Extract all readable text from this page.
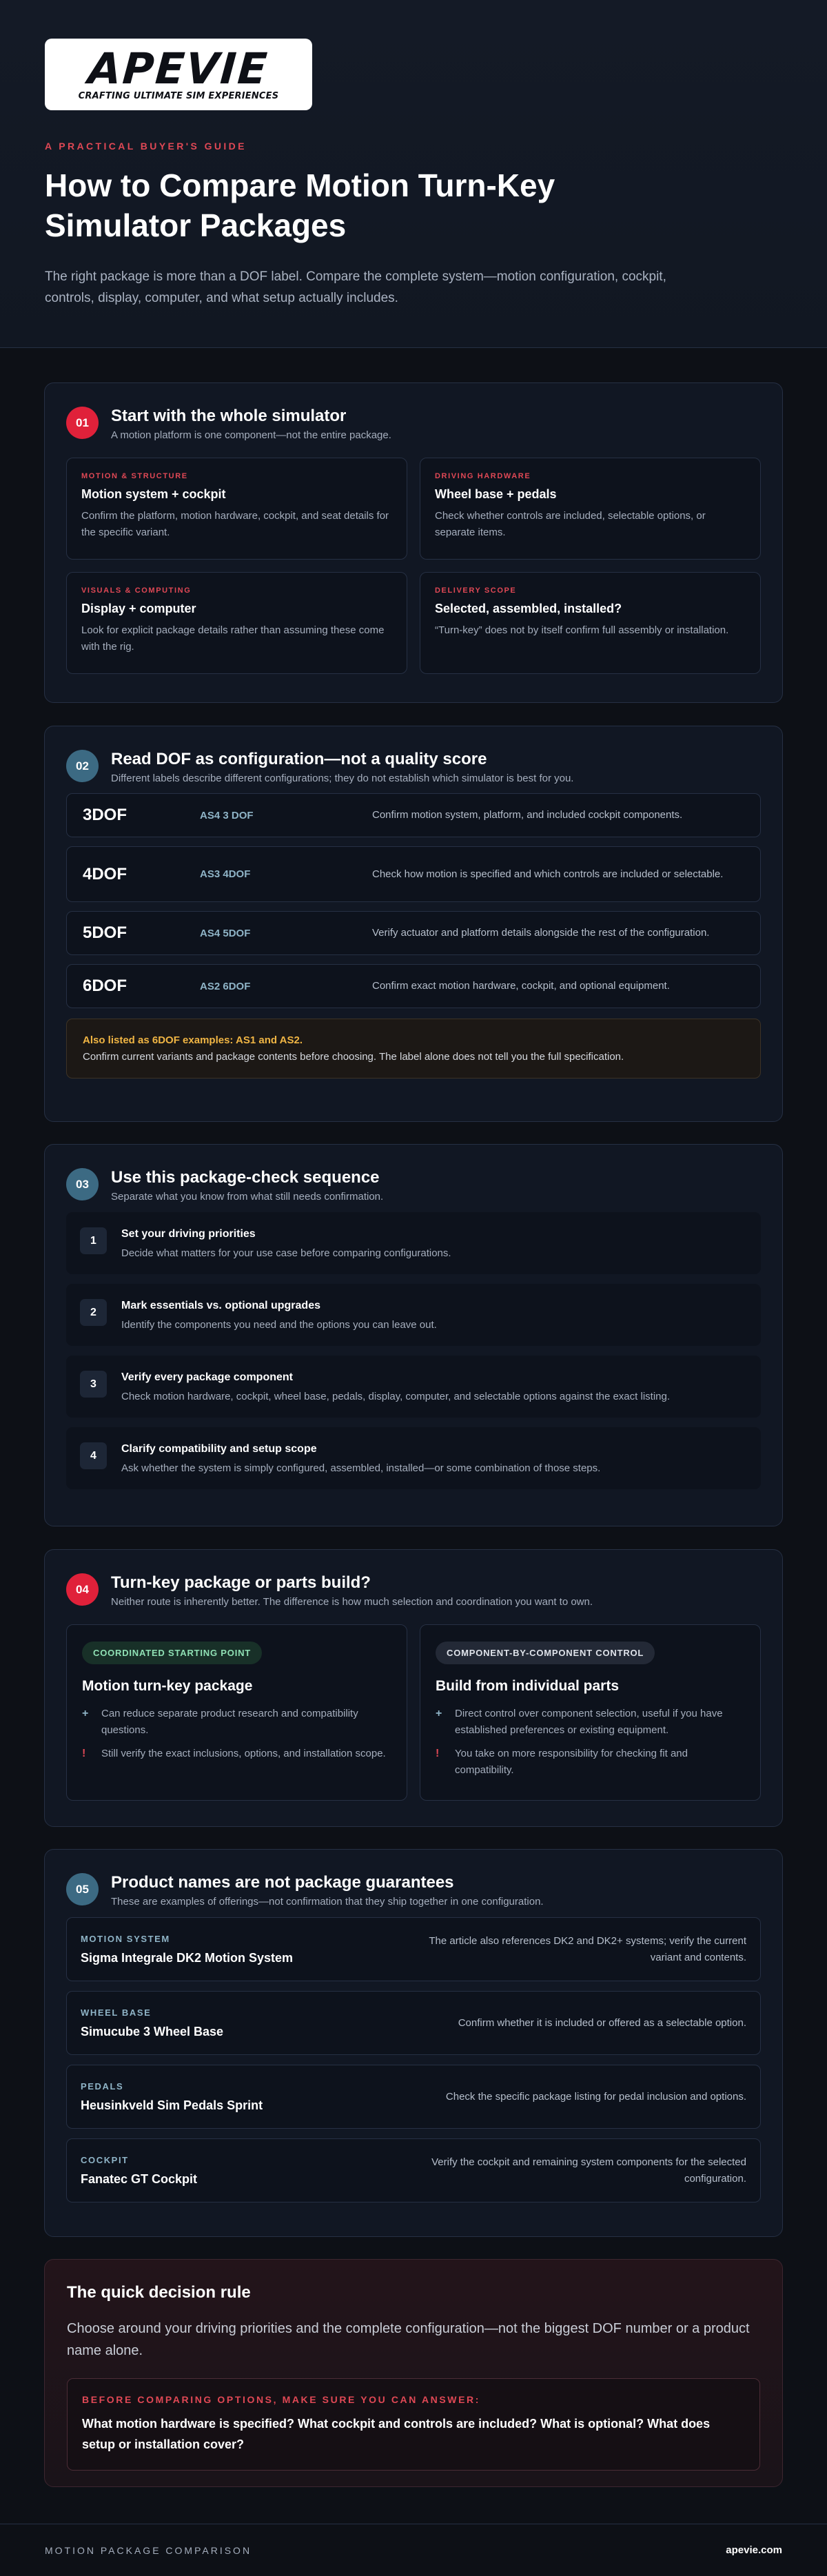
APEVIE
CRAFTING ULTIMATE SIM EXPERIENCES
A PRACTICAL BUYER'S GUIDE
How to Compare Motion Turn-Key Simulator Packages

The right package is more than a DOF label. Compare the complete system—motion configuration, cockpit, controls, display, computer, and what setup actually includes.

01	Start with the whole simulator
A motion platform is one component—not the entire package.
MOTION & STRUCTURE
Motion system + cockpit
Confirm the platform, motion hardware, cockpit, and seat details for the specific variant.
DRIVING HARDWARE
Wheel base + pedals
Check whether controls are included, selectable options, or separate items.
VISUALS & COMPUTING
Display + computer
Look for explicit package details rather than assuming these come with the rig.
DELIVERY SCOPE
Selected, assembled, installed?
“Turn-key” does not by itself confirm full assembly or installation.
02	Read DOF as configuration—not a quality score
Different labels describe different configurations; they do not establish which simulator is best for you.
3DOF	AS4 3 DOF	Confirm motion system, platform, and included cockpit components.
4DOF	AS3 4DOF	Check how motion is specified and which controls are included or selectable.
5DOF	AS4 5DOF	Verify actuator and platform details alongside the rest of the configuration.
6DOF	AS2 6DOF	Confirm exact motion hardware, cockpit, and optional equipment.
Also listed as 6DOF examples: AS1 and AS2.
Confirm current variants and package contents before choosing. The label alone does not tell you the full specification.
03	Use this package-check sequence
Separate what you know from what still needs confirmation.
1
Set your driving priorities
Decide what matters for your use case before comparing configurations.
2
Mark essentials vs. optional upgrades
Identify the components you need and the options you can leave out.
3
Verify every package component
Check motion hardware, cockpit, wheel base, pedals, display, computer, and selectable options against the exact listing.
4
Clarify compatibility and setup scope
Ask whether the system is simply configured, assembled, installed—or some combination of those steps.
04	Turn-key package or parts build?
Neither route is inherently better. The difference is how much selection and coordination you want to own.
COORDINATED STARTING POINT
Motion turn-key package
+	Can reduce separate product research and compatibility questions.
!	Still verify the exact inclusions, options, and installation scope.
COMPONENT-BY-COMPONENT CONTROL
Build from individual parts
+	Direct control over component selection, useful if you have established preferences or existing equipment.
!	You take on more responsibility for checking fit and compatibility.
05	Product names are not package guarantees
These are examples of offerings—not confirmation that they ship together in one configuration.
MOTION SYSTEM
Sigma Integrale DK2 Motion System
The article also references DK2 and DK2+ systems; verify the current variant and contents.
WHEEL BASE
Simucube 3 Wheel Base
Confirm whether it is included or offered as a selectable option.
PEDALS
Heusinkveld Sim Pedals Sprint
Check the specific package listing for pedal inclusion and options.
COCKPIT
Fanatec GT Cockpit
Verify the cockpit and remaining system components for the selected configuration.
The quick decision rule
Choose around your driving priorities and the complete configuration—not the biggest DOF number or a product name alone.
BEFORE COMPARING OPTIONS, MAKE SURE YOU CAN ANSWER:
What motion hardware is specified? What cockpit and controls are included? What is optional? What does setup or installation cover?
MOTION PACKAGE COMPARISON	apevie.com
